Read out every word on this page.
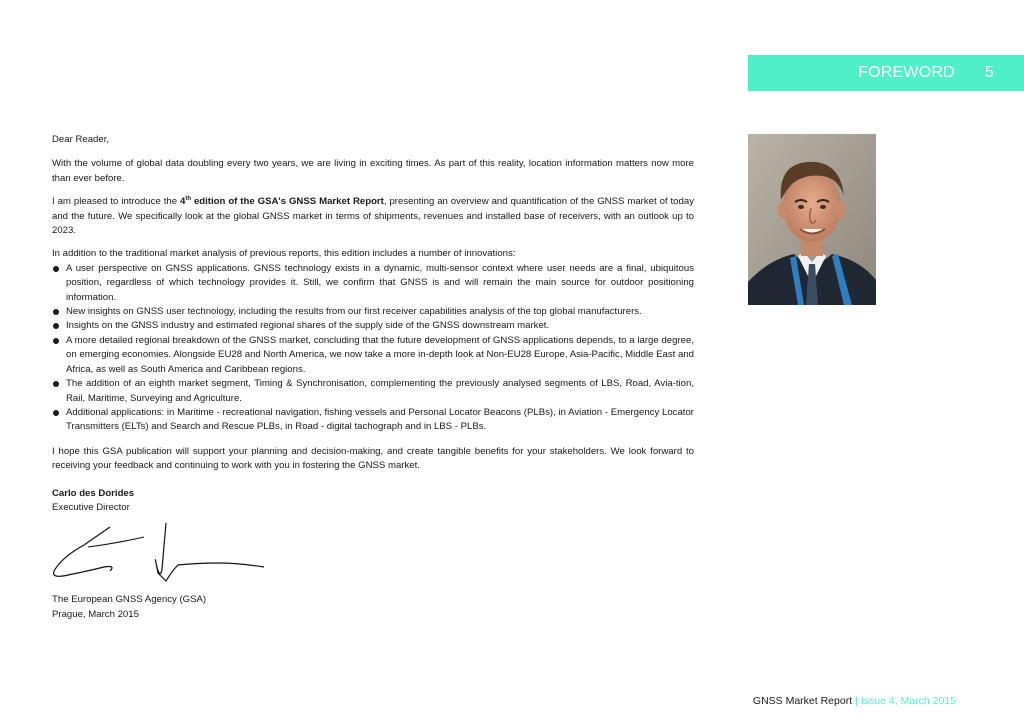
FOREWORD 5

Dear Reader,

With the volume of global data doubling every two years, we are living in exciting times. As part of this reality, location information matters now more than ever before.

I am pleased to introduce the 4th edition of the GSA's GNSS Market Report, presenting an overview and quantification of the GNSS market of today and the future. We specifically look at the global GNSS market in terms of shipments, revenues and installed base of receivers, with an outlook up to 2023.

In addition to the traditional market analysis of previous reports, this edition includes a number of innovations:

A user perspective on GNSS applications. GNSS technology exists in a dynamic, multi-sensor context where user needs are a final, ubiquitous position, regardless of which technology provides it. Still, we confirm that GNSS is and will remain the main source for outdoor positioning information.
New insights on GNSS user technology, including the results from our first receiver capabilities analysis of the top global manufacturers.
Insights on the GNSS industry and estimated regional shares of the supply side of the GNSS downstream market.
A more detailed regional breakdown of the GNSS market, concluding that the future development of GNSS applications depends, to a large degree, on emerging economies. Alongside EU28 and North America, we now take a more in-depth look at Non-EU28 Europe, Asia-Pacific, Middle East and Africa, as well as South America and Caribbean regions.
The addition of an eighth market segment, Timing & Synchronisation, complementing the previously analysed segments of LBS, Road, Avia-tion, Rail, Maritime, Surveying and Agriculture.
Additional applications: in Maritime - recreational navigation, fishing vessels and Personal Locator Beacons (PLBs), in Aviation - Emergency Locator Transmitters (ELTs) and Search and Rescue PLBs, in Road - digital tachograph and in LBS - PLBs.

I hope this GSA publication will support your planning and decision-making, and create tangible benefits for your stakeholders. We look forward to receiving your feedback and continuing to work with you in fostering the GNSS market.

Carlo des Dorides
Executive Director
The European GNSS Agency (GSA)
Prague, March 2015
GNSS Market Report | Issue 4, March 2015
